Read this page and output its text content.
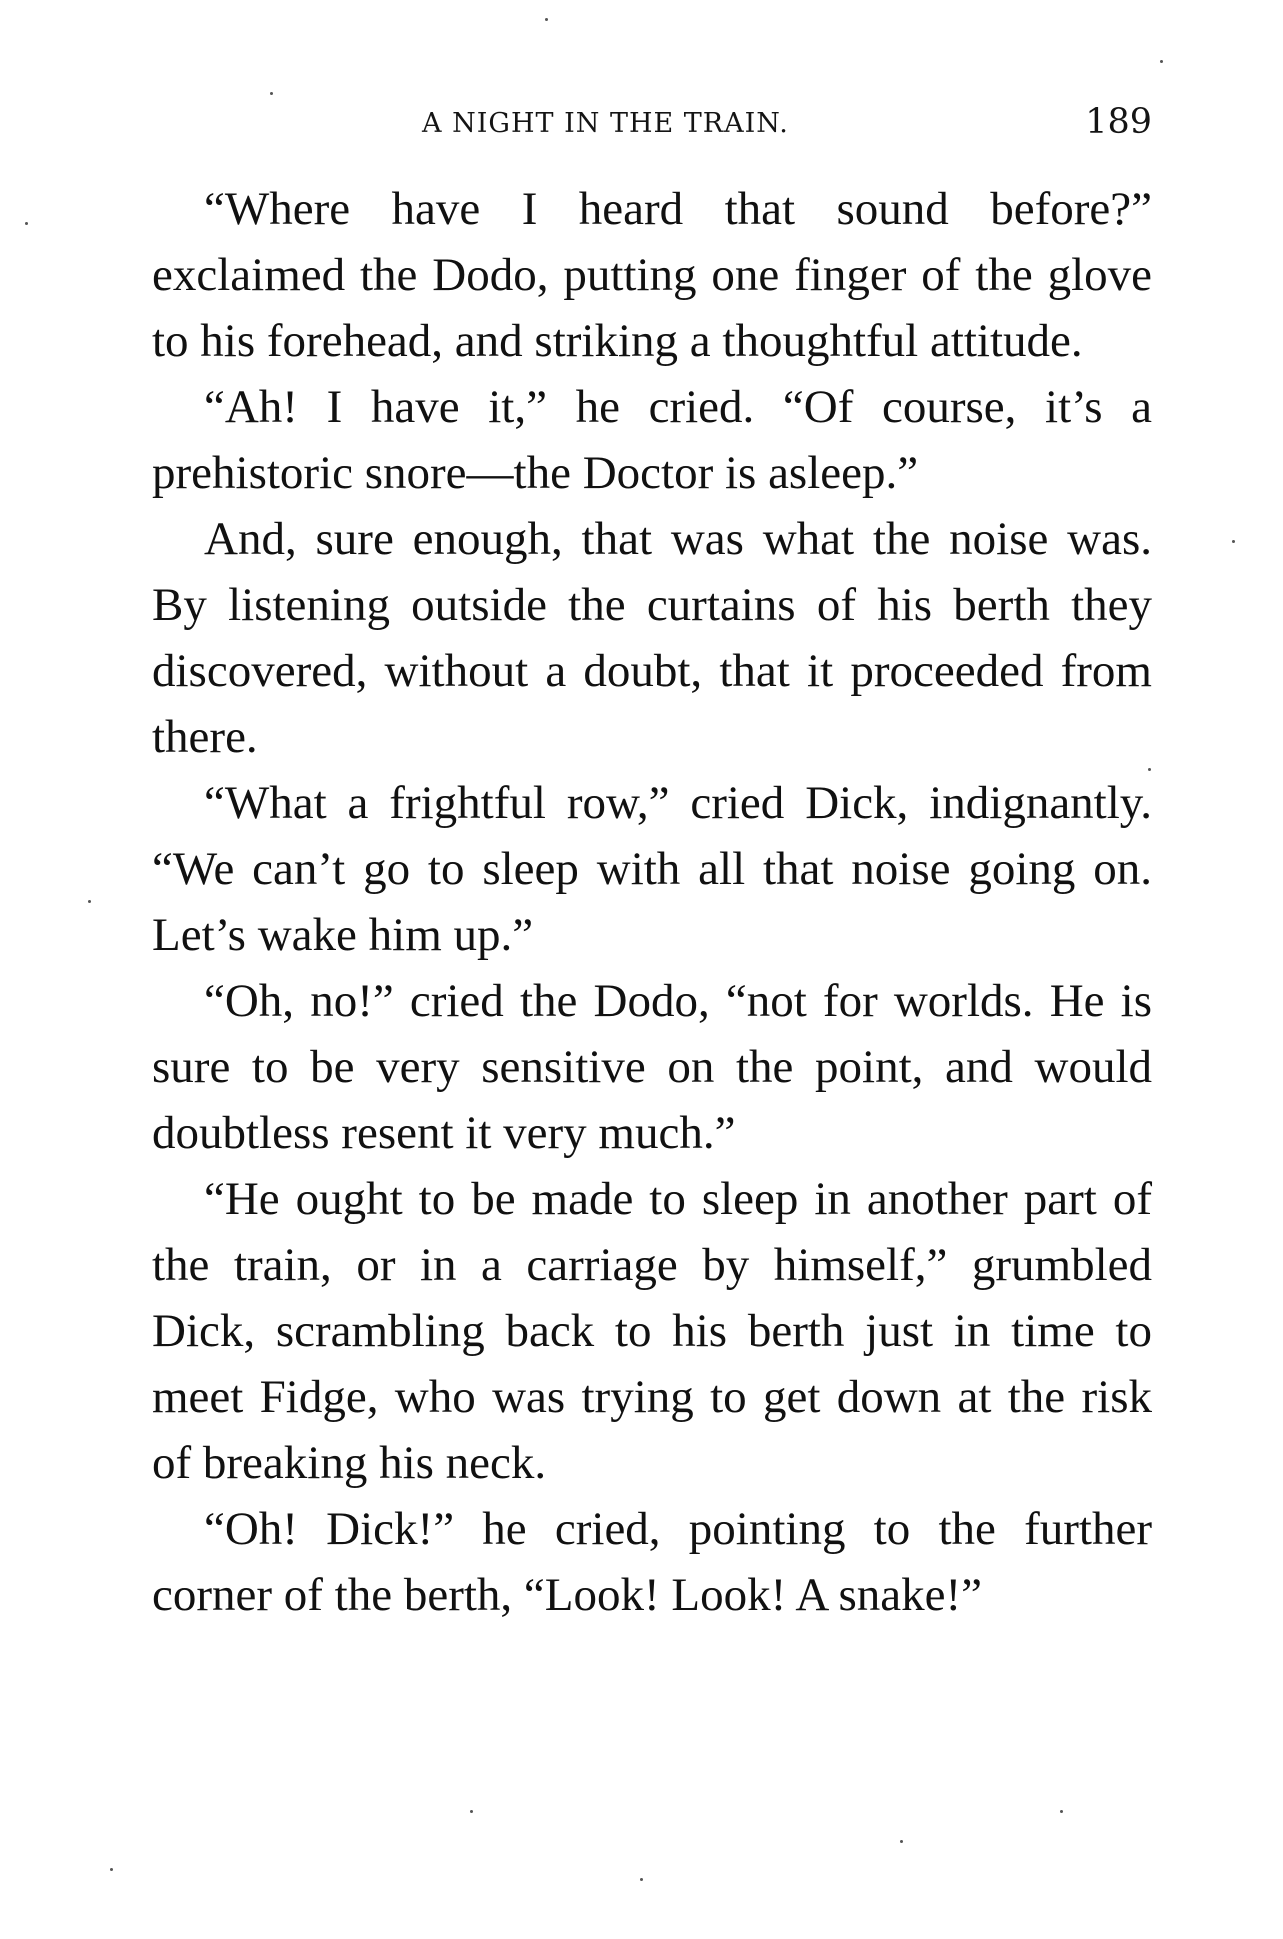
A NIGHT IN THE TRAIN.	189

“Where have I heard that sound before?” exclaimed the Dodo, putting one finger of the glove to his forehead, and striking a thoughtful attitude.

“Ah! I have it,” he cried. “Of course, it’s a prehistoric snore—the Doctor is asleep.”

And, sure enough, that was what the noise was. By listening outside the curtains of his berth they discovered, without a doubt, that it proceeded from there.

“What a frightful row,” cried Dick, indignantly. “We can’t go to sleep with all that noise going on. Let’s wake him up.”

“Oh, no!” cried the Dodo, “not for worlds. He is sure to be very sensitive on the point, and would doubtless resent it very much.”

“He ought to be made to sleep in another part of the train, or in a carriage by himself,” grumbled Dick, scrambling back to his berth just in time to meet Fidge, who was trying to get down at the risk of breaking his neck.

“Oh! Dick!” he cried, pointing to the further corner of the berth, “Look! Look! A snake!”
